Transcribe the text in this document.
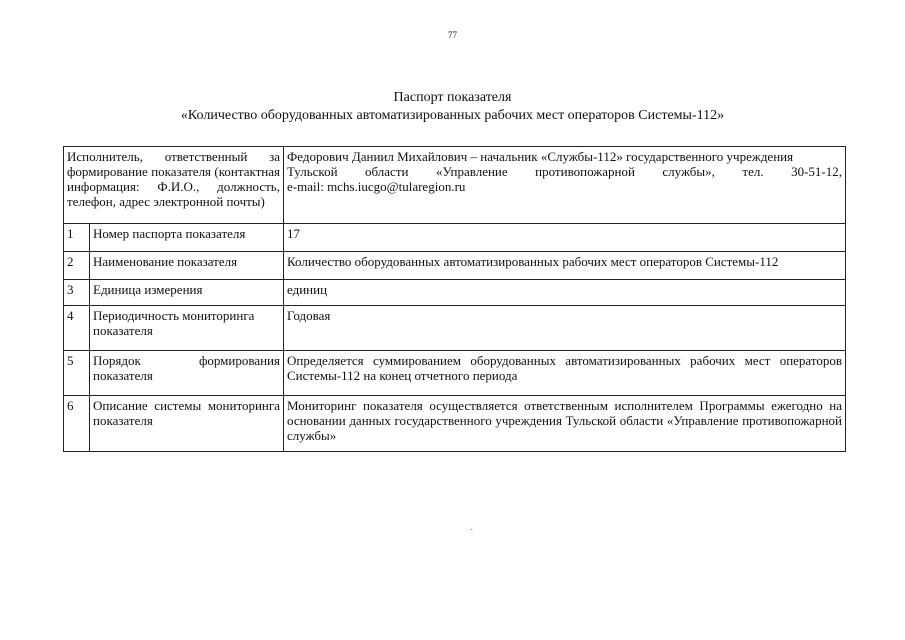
77
Паспорт показателя
«Количество оборудованных автоматизированных рабочих мест операторов Системы-112»
Исполнитель, ответственный за формирование показателя (контактная информация: Ф.И.О., должность, телефон, адрес электронной почты)		Федорович Даниил Михайлович – начальник «Службы-112» государственного учреждения Тульской области «Управление противопожарной службы», тел. 30-51-12,
e-mail: mchs.iucgo@tularegion.ru

1	Номер паспорта показателя	17
2	Наименование показателя	Количество оборудованных автоматизированных рабочих мест операторов Системы-112
3	Единица измерения	единиц
4	Периодичность мониторинга показателя	Годовая
5	Порядок формирования показателя	Определяется суммированием оборудованных автоматизированных рабочих мест операторов Системы-112 на конец отчетного периода
6	Описание системы мониторинга показателя	Мониторинг показателя осуществляется ответственным исполнителем Программы ежегодно на основании данных государственного учреждения Тульской области «Управление противопожарной службы»
ˏ
